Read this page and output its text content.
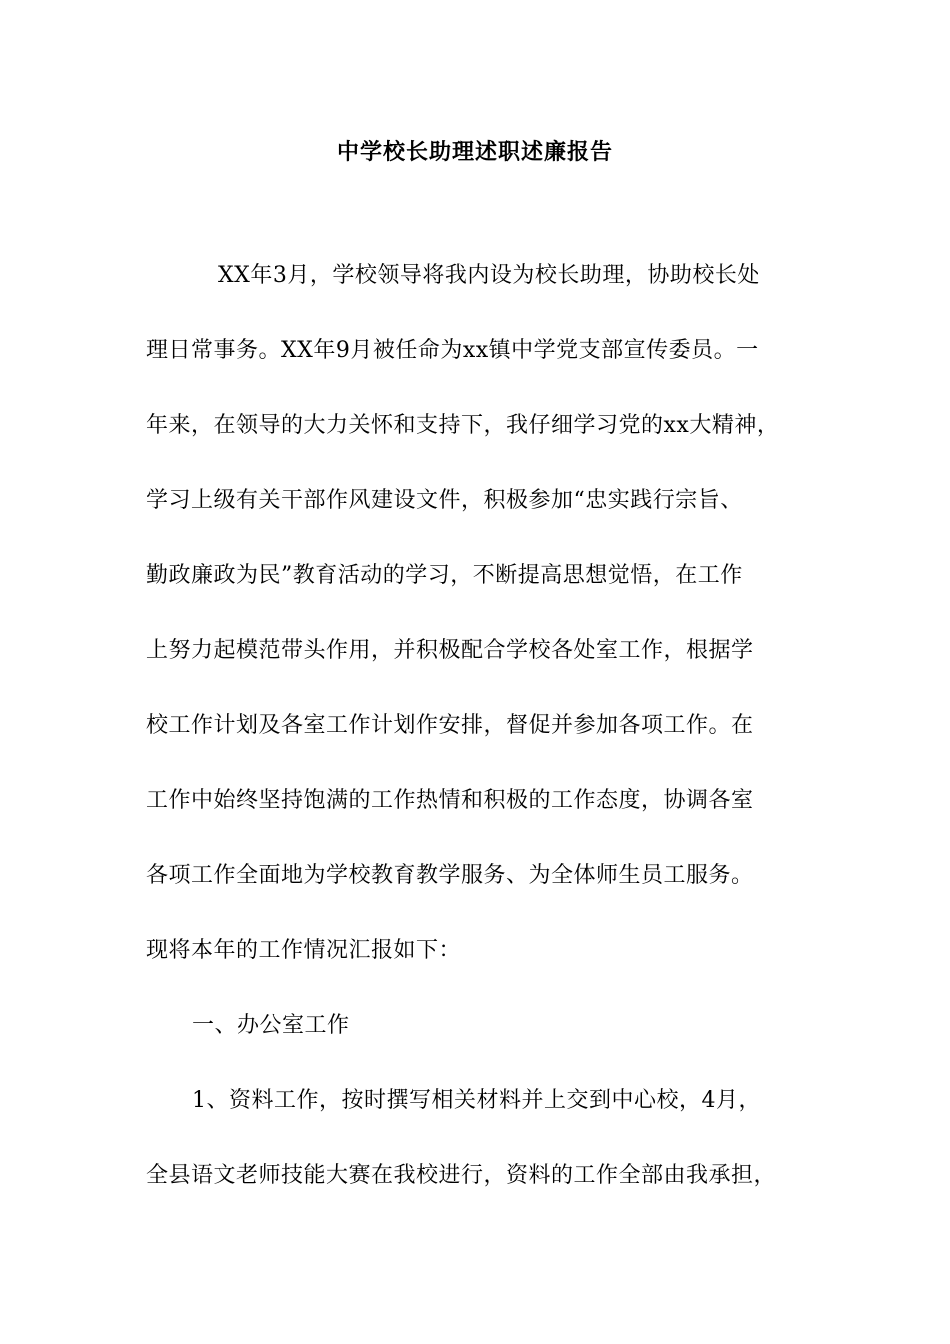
中学校长助理述职述廉报告
XX年3月，学校领导将我内设为校长助理，协助校长处
理日常事务。XX年9月被任命为xx镇中学党支部宣传委员。一
年来，在领导的大力关怀和支持下，我仔细学习党的xx大精神，
学习上级有关干部作风建设文件，积极参加“忠实践行宗旨、
勤政廉政为民”教育活动的学习，不断提高思想觉悟，在工作
上努力起模范带头作用，并积极配合学校各处室工作，根据学
校工作计划及各室工作计划作安排，督促并参加各项工作。在
工作中始终坚持饱满的工作热情和积极的工作态度，协调各室
各项工作全面地为学校教育教学服务、为全体师生员工服务。
现将本年的工作情况汇报如下：
一、办公室工作
1、资料工作，按时撰写相关材料并上交到中心校，4月，
全县语文老师技能大赛在我校进行，资料的工作全部由我承担，
